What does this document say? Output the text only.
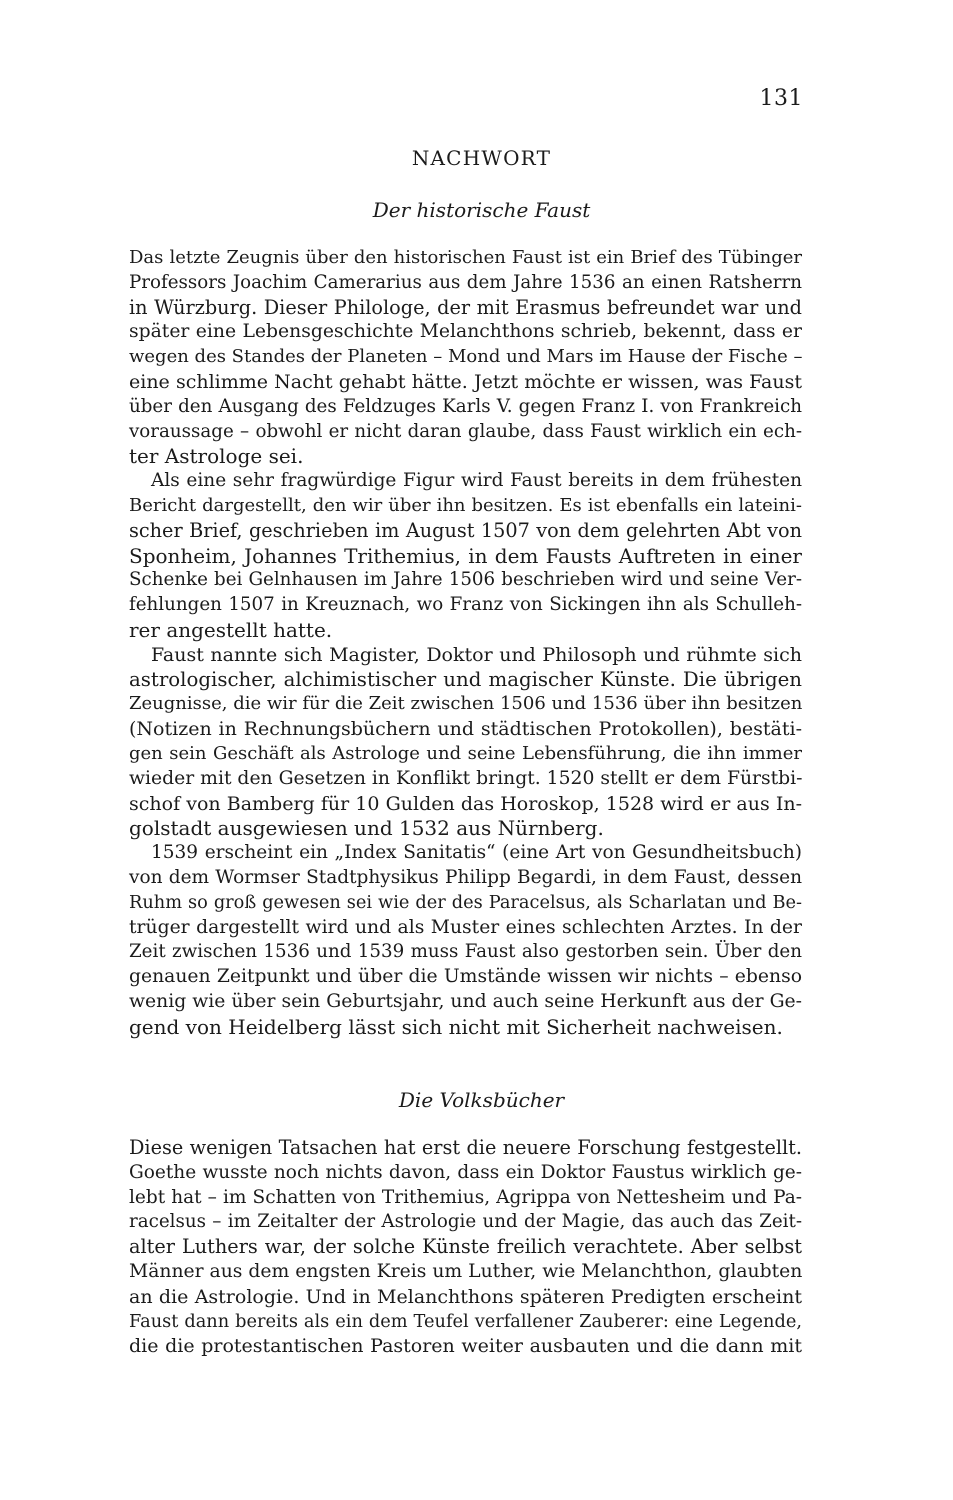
131
NACHWORT
Der historische Faust
Das letzte Zeugnis über den historischen Faust ist ein Brief des Tübinger
Professors Joachim Camerarius aus dem Jahre 1536 an einen Ratsherrn
in Würzburg. Dieser Philologe, der mit Erasmus befreundet war und
später eine Lebensgeschichte Melanchthons schrieb, bekennt, dass er
wegen des Standes der Planeten – Mond und Mars im Hause der Fische –
eine schlimme Nacht gehabt hätte. Jetzt möchte er wissen, was Faust
über den Ausgang des Feldzuges Karls V. gegen Franz I. von Frankreich
voraussage – obwohl er nicht daran glaube, dass Faust wirklich ein ech-
ter Astrologe sei.
Als eine sehr fragwürdige Figur wird Faust bereits in dem frühesten
Bericht dargestellt, den wir über ihn besitzen. Es ist ebenfalls ein lateini-
scher Brief, geschrieben im August 1507 von dem gelehrten Abt von
Sponheim, Johannes Trithemius, in dem Fausts Auftreten in einer
Schenke bei Gelnhausen im Jahre 1506 beschrieben wird und seine Ver-
fehlungen 1507 in Kreuznach, wo Franz von Sickingen ihn als Schulleh-
rer angestellt hatte.
Faust nannte sich Magister, Doktor und Philosoph und rühmte sich
astrologischer, alchimistischer und magischer Künste. Die übrigen
Zeugnisse, die wir für die Zeit zwischen 1506 und 1536 über ihn besitzen
(Notizen in Rechnungsbüchern und städtischen Protokollen), bestäti-
gen sein Geschäft als Astrologe und seine Lebensführung, die ihn immer
wieder mit den Gesetzen in Konflikt bringt. 1520 stellt er dem Fürstbi-
schof von Bamberg für 10 Gulden das Horoskop, 1528 wird er aus In-
golstadt ausgewiesen und 1532 aus Nürnberg.
1539 erscheint ein „Index Sanitatis“ (eine Art von Gesundheitsbuch)
von dem Wormser Stadtphysikus Philipp Begardi, in dem Faust, dessen
Ruhm so groß gewesen sei wie der des Paracelsus, als Scharlatan und Be-
trüger dargestellt wird und als Muster eines schlechten Arztes. In der
Zeit zwischen 1536 und 1539 muss Faust also gestorben sein. Über den
genauen Zeitpunkt und über die Umstände wissen wir nichts – ebenso
wenig wie über sein Geburtsjahr, und auch seine Herkunft aus der Ge-
gend von Heidelberg lässt sich nicht mit Sicherheit nachweisen.
Die Volksbücher
Diese wenigen Tatsachen hat erst die neuere Forschung festgestellt.
Goethe wusste noch nichts davon, dass ein Doktor Faustus wirklich ge-
lebt hat – im Schatten von Trithemius, Agrippa von Nettesheim und Pa-
racelsus – im Zeitalter der Astrologie und der Magie, das auch das Zeit-
alter Luthers war, der solche Künste freilich verachtete. Aber selbst
Männer aus dem engsten Kreis um Luther, wie Melanchthon, glaubten
an die Astrologie. Und in Melanchthons späteren Predigten erscheint
Faust dann bereits als ein dem Teufel verfallener Zauberer: eine Legende,
die die protestantischen Pastoren weiter ausbauten und die dann mit
